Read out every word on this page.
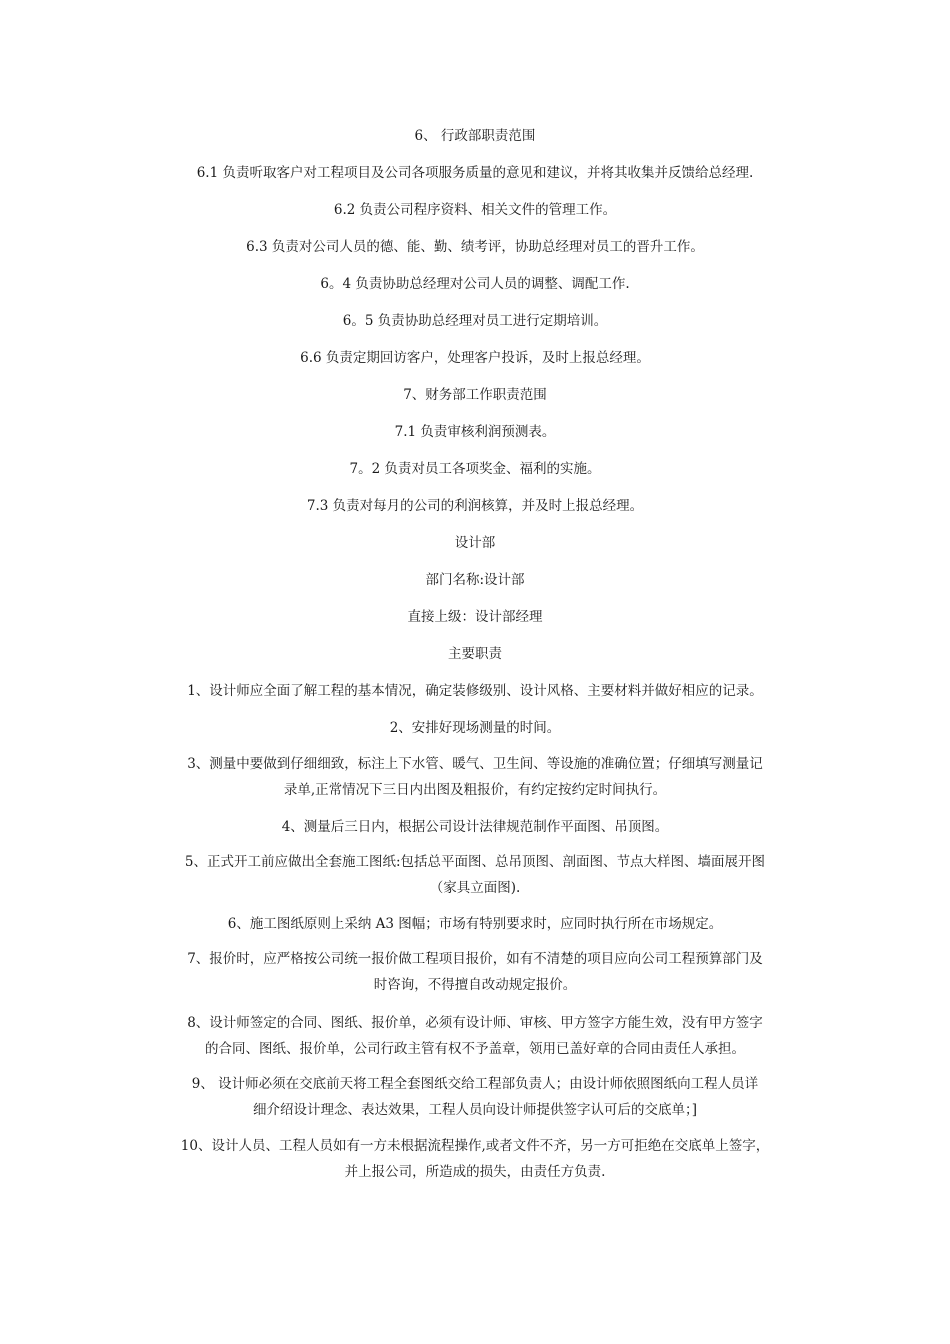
6、 行政部职责范围
6.1 负责听取客户对工程项目及公司各项服务质量的意见和建议，并将其收集并反馈给总经理.
6.2 负责公司程序资料、相关文件的管理工作。
6.3 负责对公司人员的德、能、勤、绩考评，协助总经理对员工的晋升工作。
6。4 负责协助总经理对公司人员的调整、调配工作.
6。5 负责协助总经理对员工进行定期培训。
6.6 负责定期回访客户，处理客户投诉，及时上报总经理。
7、财务部工作职责范围
7.1 负责审核利润预测表。
7。2 负责对员工各项奖金、福利的实施。
7.3 负责对每月的公司的利润核算，并及时上报总经理。
设计部
部门名称:设计部
直接上级：设计部经理
主要职责
1、设计师应全面了解工程的基本情况，确定装修级别、设计风格、主要材料并做好相应的记录。
2、安排好现场测量的时间。
3、测量中要做到仔细细致，标注上下水管、暖气、卫生间、等设施的准确位置；仔细填写测量记
录单,正常情况下三日内出图及粗报价，有约定按约定时间执行。
4、测量后三日内，根据公司设计法律规范制作平面图、吊顶图。
5、正式开工前应做出全套施工图纸:包括总平面图、总吊顶图、剖面图、节点大样图、墙面展开图
（家具立面图).
6、施工图纸原则上采纳 A3 图幅；市场有特别要求时，应同时执行所在市场规定。
7、报价时，应严格按公司统一报价做工程项目报价，如有不清楚的项目应向公司工程预算部门及
时咨询，不得擅自改动规定报价。
8、设计师签定的合同、图纸、报价单，必须有设计师、审核、甲方签字方能生效，没有甲方签字
的合同、图纸、报价单，公司行政主管有权不予盖章，领用已盖好章的合同由责任人承担。
9、 设计师必须在交底前天将工程全套图纸交给工程部负责人；由设计师依照图纸向工程人员详
细介绍设计理念、表达效果，工程人员向设计师提供签字认可后的交底单；]
10、设计人员、工程人员如有一方未根据流程操作,或者文件不齐，另一方可拒绝在交底单上签字，
并上报公司，所造成的损失，由责任方负责.
